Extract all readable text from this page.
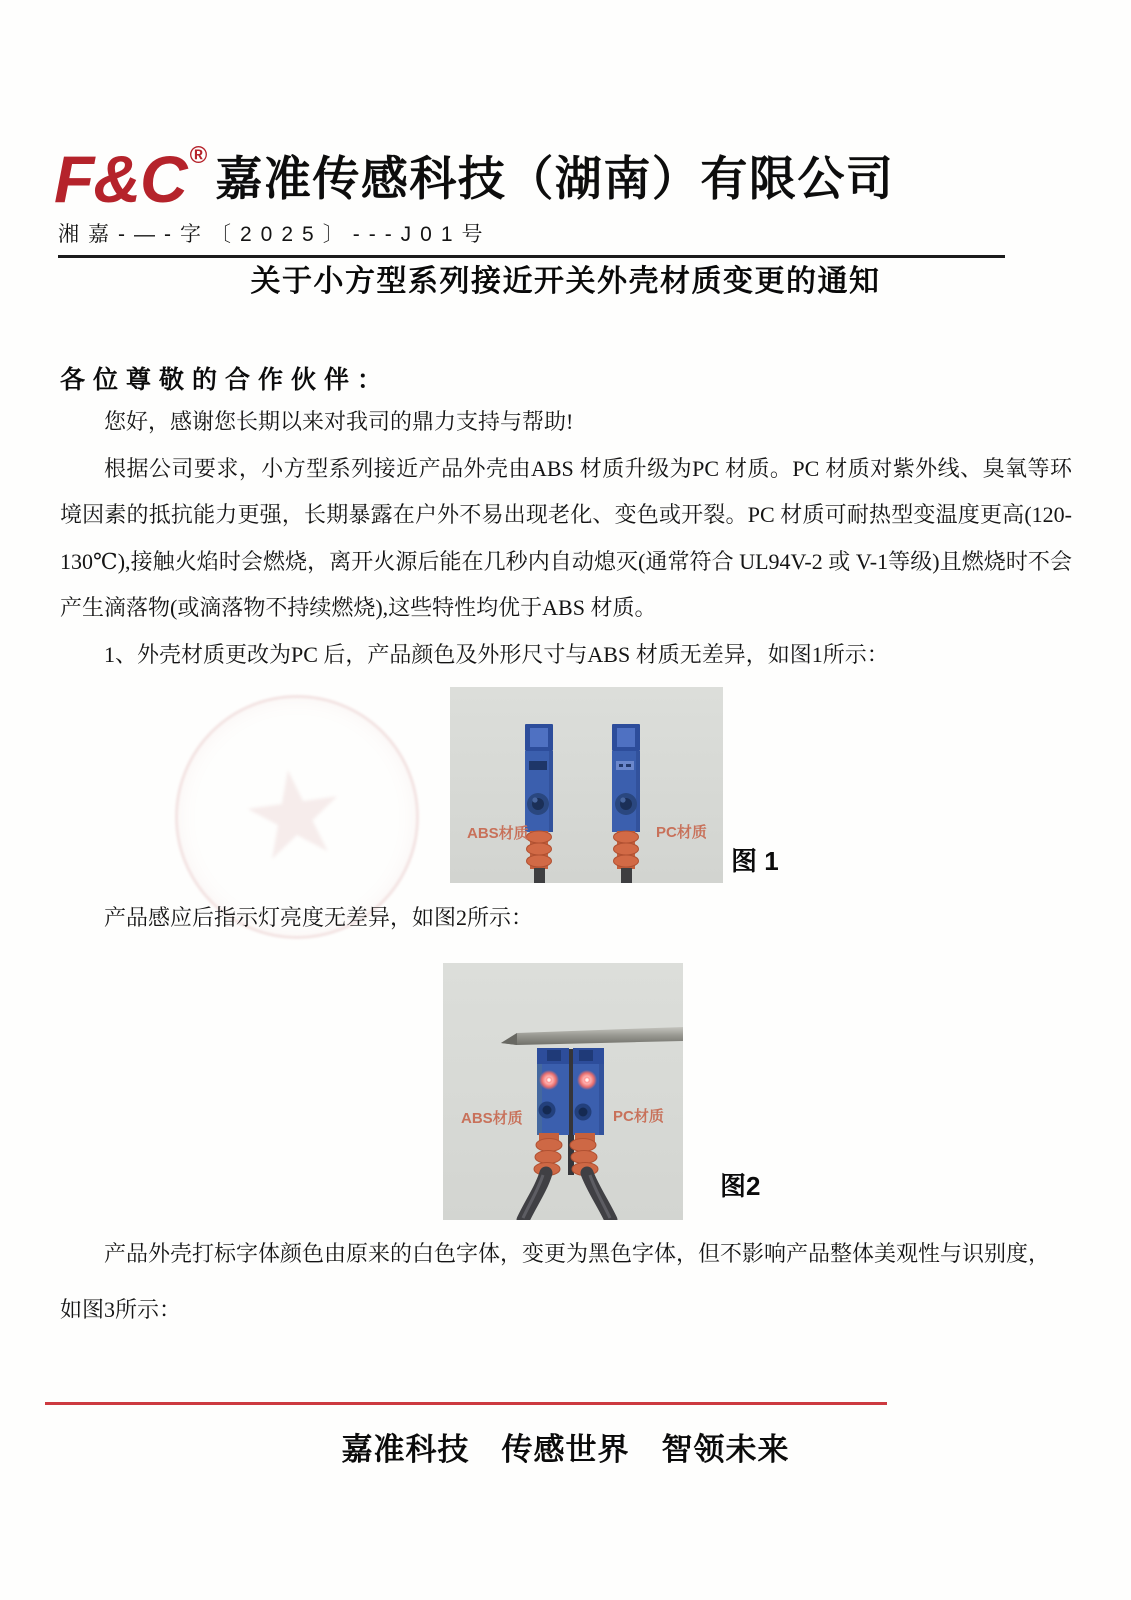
F&C ® 嘉准传感科技（湖南）有限公司
湘嘉-—-字〔2025〕---J01号
关于小方型系列接近开关外壳材质变更的通知
各位尊敬的合作伙伴：

您好，感谢您长期以来对我司的鼎力支持与帮助!

根据公司要求，小方型系列接近产品外壳由ABS 材质升级为PC 材质。PC 材质对紫外线、臭氧等环境因素的抵抗能力更强，长期暴露在户外不易出现老化、变色或开裂。PC 材质可耐热型变温度更高(120-130℃),接触火焰时会燃烧，离开火源后能在几秒内自动熄灭(通常符合 UL94V-2 或 V-1等级)且燃烧时不会产生滴落物(或滴落物不持续燃烧),这些特性均优于ABS 材质。

1、外壳材质更改为PC 后，产品颜色及外形尺寸与ABS 材质无差异，如图1所示：

★	ABS材质	PC材质
图 1
产品感应后指示灯亮度无差异，如图2所示：
ABS材质	PC材质
图2
产品外壳打标字体颜色由原来的白色字体，变更为黑色字体，但不影响产品整体美观性与识别度，
如图3所示：
嘉准科技　传感世界　智领未来
